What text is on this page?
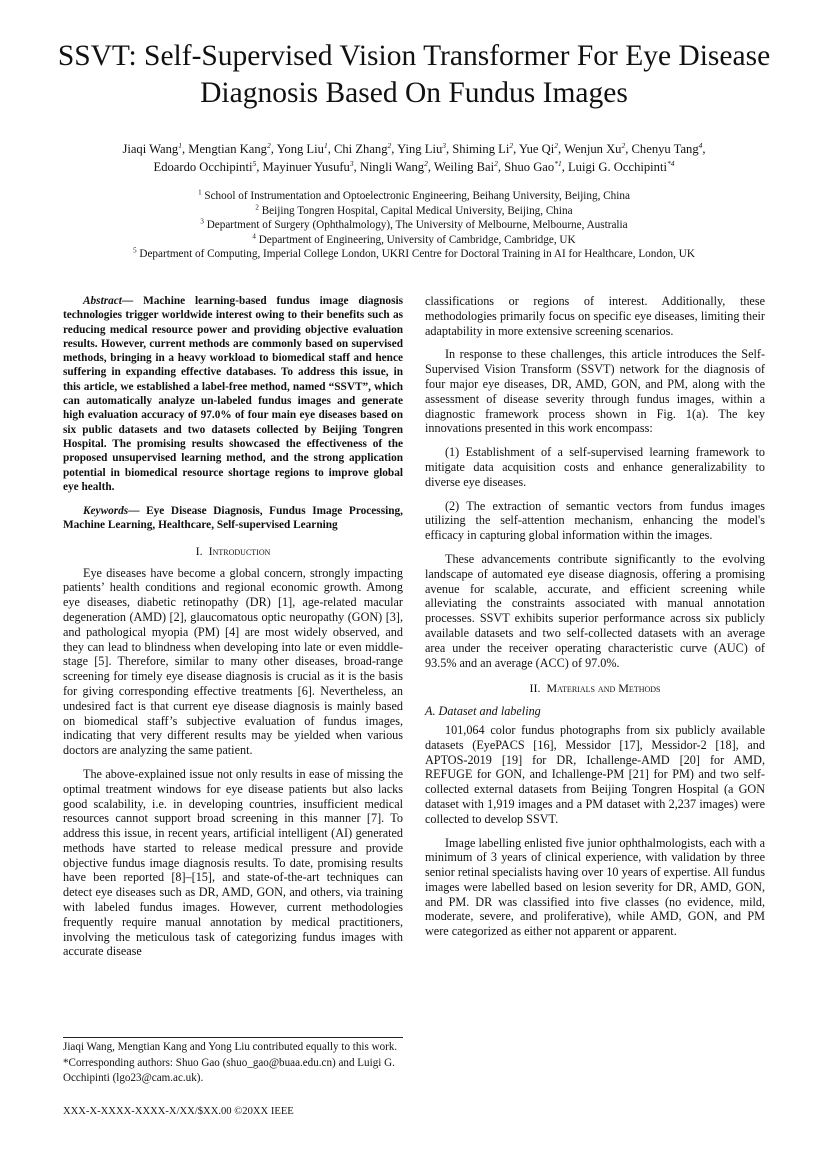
SSVT: Self-Supervised Vision Transformer For Eye Disease Diagnosis Based On Fundus Images
Jiaqi Wang$^1$, Mengtian Kang$^2$, Yong Liu$^1$, Chi Zhang$^2$, Ying Liu$^3$, Shiming Li$^2$, Yue Qi$^2$, Wenjun Xu$^2$, Chenyu Tang$^4$,
Edoardo Occhipinti$^5$, Mayinuer Yusufu$^3$, Ningli Wang$^2$, Weiling Bai$^2$, Shuo Gao$^{*1}$, Luigi G. Occhipinti$^{*4}$
$^1$ School of Instrumentation and Optoelectronic Engineering, Beihang University, Beijing, China
$^2$ Beijing Tongren Hospital, Capital Medical University, Beijing, China
$^3$ Department of Surgery (Ophthalmology), The University of Melbourne, Melbourne, Australia
$^4$ Department of Engineering, University of Cambridge, Cambridge, UK
$^5$ Department of Computing, Imperial College London, UKRI Centre for Doctoral Training in AI for Healthcare, London, UK

Abstract— Machine learning-based fundus image diagnosis technologies trigger worldwide interest owing to their benefits such as reducing medical resource power and providing objective evaluation results. However, current methods are commonly based on supervised methods, bringing in a heavy workload to biomedical staff and hence suffering in expanding effective databases. To address this issue, in this article, we established a label-free method, named “SSVT”, which can automatically analyze un-labeled fundus images and generate high evaluation accuracy of 97.0% of four main eye diseases based on six public datasets and two datasets collected by Beijing Tongren Hospital. The promising results showcased the effectiveness of the proposed unsupervised learning method, and the strong application potential in biomedical resource shortage regions to improve global eye health.

Keywords— Eye Disease Diagnosis, Fundus Image Processing, Machine Learning, Healthcare, Self-supervised Learning

I. Introduction

Eye diseases have become a global concern, strongly impacting patients’ health conditions and regional economic growth. Among eye diseases, diabetic retinopathy (DR) [1], age-related macular degeneration (AMD) [2], glaucomatous optic neuropathy (GON) [3], and pathological myopia (PM) [4] are most widely observed, and they can lead to blindness when developing into late or even middle-stage [5]. Therefore, similar to many other diseases, broad-range screening for timely eye disease diagnosis is crucial as it is the basis for giving corresponding effective treatments [6]. Nevertheless, an undesired fact is that current eye disease diagnosis is mainly based on biomedical staff’s subjective evaluation of fundus images, indicating that very different results may be yielded when various doctors are analyzing the same patient.

The above-explained issue not only results in ease of missing the optimal treatment windows for eye disease patients but also lacks good scalability, i.e. in developing countries, insufficient medical resources cannot support broad screening in this manner [7]. To address this issue, in recent years, artificial intelligent (AI) generated methods have started to release medical pressure and provide objective fundus image diagnosis results. To date, promising results have been reported [8]–[15], and state-of-the-art techniques can detect eye diseases such as DR, AMD, GON, and others, via training with labeled fundus images. However, current methodologies frequently require manual annotation by medical practitioners, involving the meticulous task of categorizing fundus images with accurate disease

classifications or regions of interest. Additionally, these methodologies primarily focus on specific eye diseases, limiting their adaptability in more extensive screening scenarios.

In response to these challenges, this article introduces the Self-Supervised Vision Transform (SSVT) network for the diagnosis of four major eye diseases, DR, AMD, GON, and PM, along with the assessment of disease severity through fundus images, within a diagnostic framework process shown in Fig. 1(a). The key innovations presented in this work encompass:

(1) Establishment of a self-supervised learning framework to mitigate data acquisition costs and enhance generalizability to diverse eye diseases.

(2) The extraction of semantic vectors from fundus images utilizing the self-attention mechanism, enhancing the model's efficacy in capturing global information within the images.

These advancements contribute significantly to the evolving landscape of automated eye disease diagnosis, offering a promising avenue for scalable, accurate, and efficient screening while alleviating the constraints associated with manual annotation processes. SSVT exhibits superior performance across six publicly available datasets and two self-collected datasets with an average area under the receiver operating characteristic curve (AUC) of 93.5% and an average (ACC) of 97.0%.

II. Materials and Methods
A. Dataset and labeling

101,064 color fundus photographs from six publicly available datasets (EyePACS [16], Messidor [17], Messidor-2 [18], and APTOS-2019 [19] for DR, Ichallenge-AMD [20] for AMD, REFUGE for GON, and Ichallenge-PM [21] for PM) and two self-collected external datasets from Beijing Tongren Hospital (a GON dataset with 1,919 images and a PM dataset with 2,237 images) were collected to develop SSVT.

Image labelling enlisted five junior ophthalmologists, each with a minimum of 3 years of clinical experience, with validation by three senior retinal specialists having over 10 years of expertise. All fundus images were labelled based on lesion severity for DR, AMD, GON, and PM. DR was classified into five classes (no evidence, mild, moderate, severe, and proliferative), while AMD, GON, and PM were categorized as either not apparent or apparent.

Jiaqi Wang, Mengtian Kang and Yong Liu contributed equally to this work.

*Corresponding authors: Shuo Gao (shuo_gao@buaa.edu.cn) and Luigi G. Occhipinti (lgo23@cam.ac.uk).

XXX-X-XXXX-XXXX-X/XX/$XX.00 ©20XX IEEE
